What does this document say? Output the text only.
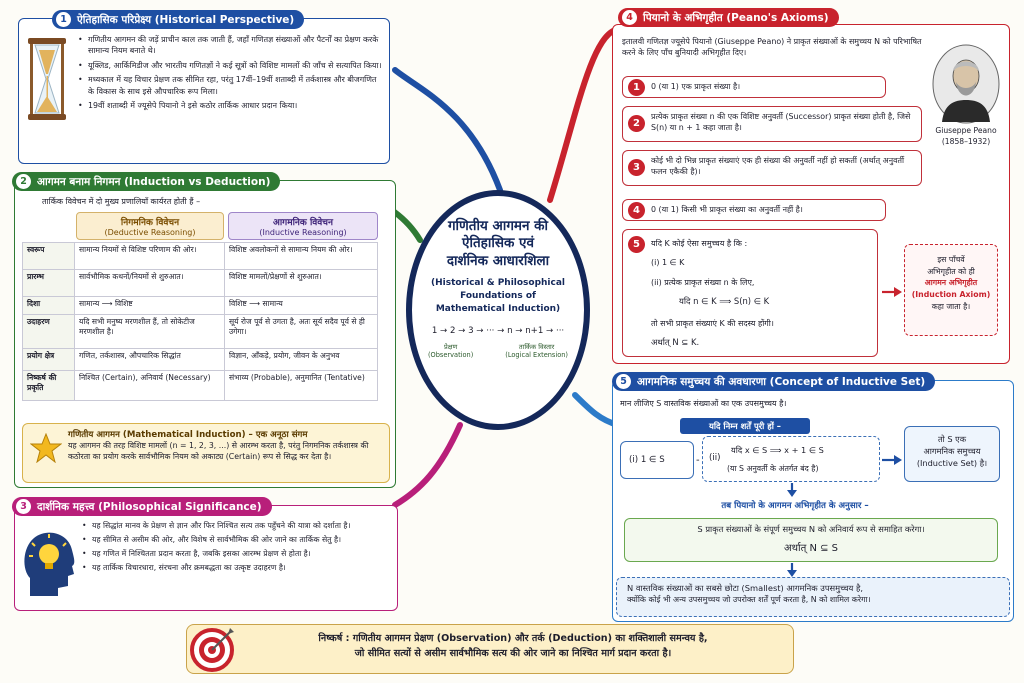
1 ऐतिहासिक परिप्रेक्ष्य (Historical Perspective)
• गणितीय आगमन की जड़ें प्राचीन काल तक जाती हैं, जहाँ गणितज्ञ संख्याओं और पैटर्नों का प्रेक्षण करके सामान्य नियम बनाते थे।
• यूक्लिड, आर्किमिडीज और भारतीय गणितज्ञों ने कई सूत्रों को विशिष्ट मामलों की जाँच से सत्यापित किया।
• मध्यकाल में यह विचार प्रेक्षण तक सीमित रहा, परंतु 17वीं–19वीं शताब्दी में तर्कशास्त्र और बीजगणित के विकास के साथ इसे औपचारिक रूप मिला।
• 19वीं शताब्दी में ज्यूसेपे पियानो ने इसे कठोर तार्किक आधार प्रदान किया।
2 आगमन बनाम निगमन (Induction vs Deduction)
तार्किक विवेचन में दो मुख्य प्रणालियाँ कार्यरत होती हैं –
निगमनिक विवेचन
(Deductive Reasoning)
आगमनिक विवेचन
(Inductive Reasoning)
स्वरूप	सामान्य नियमों से विशिष्ट परिणाम की ओर।	विशिष्ट अवलोकनों से सामान्य नियम की ओर।
प्रारम्भ	सार्वभौमिक कथनों/नियमों से शुरुआत।	विशिष्ट मामलों/प्रेक्षणों से शुरुआत।
दिशा	सामान्य ⟶ विशिष्ट	विशिष्ट ⟶ सामान्य
उदाहरण	यदि सभी मनुष्य मरणशील हैं, तो सोकेटीज मरणशील है।	सूर्य रोज पूर्व से उगता है, अतः सूर्य सदैव पूर्व से ही उगेगा।
प्रयोग क्षेत्र	गणित, तर्कशास्त्र, औपचारिक सिद्धांत	विज्ञान, आँकड़े, प्रयोग, जीवन के अनुभव
निष्कर्ष की प्रकृति	निश्चित (Certain), अनिवार्य (Necessary)	संभाव्य (Probable), अनुमानित (Tentative)
गणितीय आगमन (Mathematical Induction) – एक अनूठा संगम
यह आगमन की तरह विशिष्ट मामलों (n = 1, 2, 3, ...) से आरम्भ करता है, परंतु निगमनिक तर्कशास्त्र की कठोरता का प्रयोग करके सार्वभौमिक नियम को अकाट्य (Certain) रूप से सिद्ध कर देता है।
3 दार्शनिक महत्त्व (Philosophical Significance)
• यह सिद्धांत मानव के प्रेक्षण से ज्ञान और फिर निश्चित सत्य तक पहुँचने की यात्रा को दर्शाता है।
• यह सीमित से असीम की ओर, और विशेष से सार्वभौमिक की ओर जाने का तार्किक सेतु है।
• यह गणित में निश्चितता प्रदान करता है, जबकि इसका आरम्भ प्रेक्षण से होता है।
• यह तार्किक विचारधारा, संरचना और क्रमबद्धता का उत्कृष्ट उदाहरण है।
गणितीय आगमन की
ऐतिहासिक एवं
दार्शनिक आधारशिला
(Historical & Philosophical
Foundations of
Mathematical Induction)
1 → 2 → 3 → ··· → n → n+1 → ···
प्रेक्षण
(Observation)
तार्किक विस्तार
(Logical Extension)
4 पियानो के अभिगृहीत (Peano's Axioms)
इतालवी गणितज्ञ ज्यूसेपे पियानो (Giuseppe Peano) ने प्राकृत संख्याओं के समुच्चय N को परिभाषित करने के लिए पाँच बुनियादी अभिगृहीत दिए।
Giuseppe Peano
(1858–1932)
1	0 (या 1) एक प्राकृत संख्या है।
2
प्रत्येक प्राकृत संख्या n की एक विशिष्ट अनुवर्ती (Successor) प्राकृत संख्या होती है, जिसे S(n) या n + 1 कहा जाता है।
3
कोई भी दो भिन्न प्राकृत संख्याएं एक ही संख्या की अनुवर्ती नहीं हो सकतीं (अर्थात् अनुवर्ती फलन एकैकी है)।
4	0 (या 1) किसी भी प्राकृत संख्या का अनुवर्ती नहीं है।
5	यदि K कोई ऐसा समुच्चय है कि :
(i) 1 ∈ K
(ii) प्रत्येक प्राकृत संख्या n के लिए,
यदि n ∈ K ⟹ S(n) ∈ K
तो सभी प्राकृत संख्याएं K की सदस्य होंगी।
अर्थात् N ⊆ K.
इस पाँचवें
अभिगृहीत को ही
आगमन अभिगृहीत
(Induction Axiom)
कहा जाता है।
5 आगमनिक समुच्चय की अवधारणा (Concept of Inductive Set)
मान लीजिए S वास्तविक संख्याओं का एक उपसमुच्चय है।
यदि निम्न शर्तें पूरी हों –
(i) 1 ∈ S	- (ii)
यदि x ∈ S ⟹ x + 1 ∈ S
(या S अनुवर्ती के अंतर्गत बंद है)
तो S एक
आगमनिक समुच्चय
(Inductive Set) है।
तब पियानो के आगमन अभिगृहीत के अनुसार –
S प्राकृत संख्याओं के संपूर्ण समुच्चय N को अनिवार्य रूप से समाहित करेगा।
अर्थात् N ⊆ S
N वास्तविक संख्याओं का सबसे छोटा (Smallest) आगमनिक उपसमुच्चय है,
क्योंकि कोई भी अन्य उपसमुच्चय जो उपरोक्त शर्तें पूर्ण करता है, N को शामिल करेगा।
निष्कर्ष : गणितीय आगमन प्रेक्षण (Observation) और तर्क (Deduction) का शक्तिशाली समन्वय है,
जो सीमित सत्यों से असीम सार्वभौमिक सत्य की ओर जाने का निश्चित मार्ग प्रदान करता है।
